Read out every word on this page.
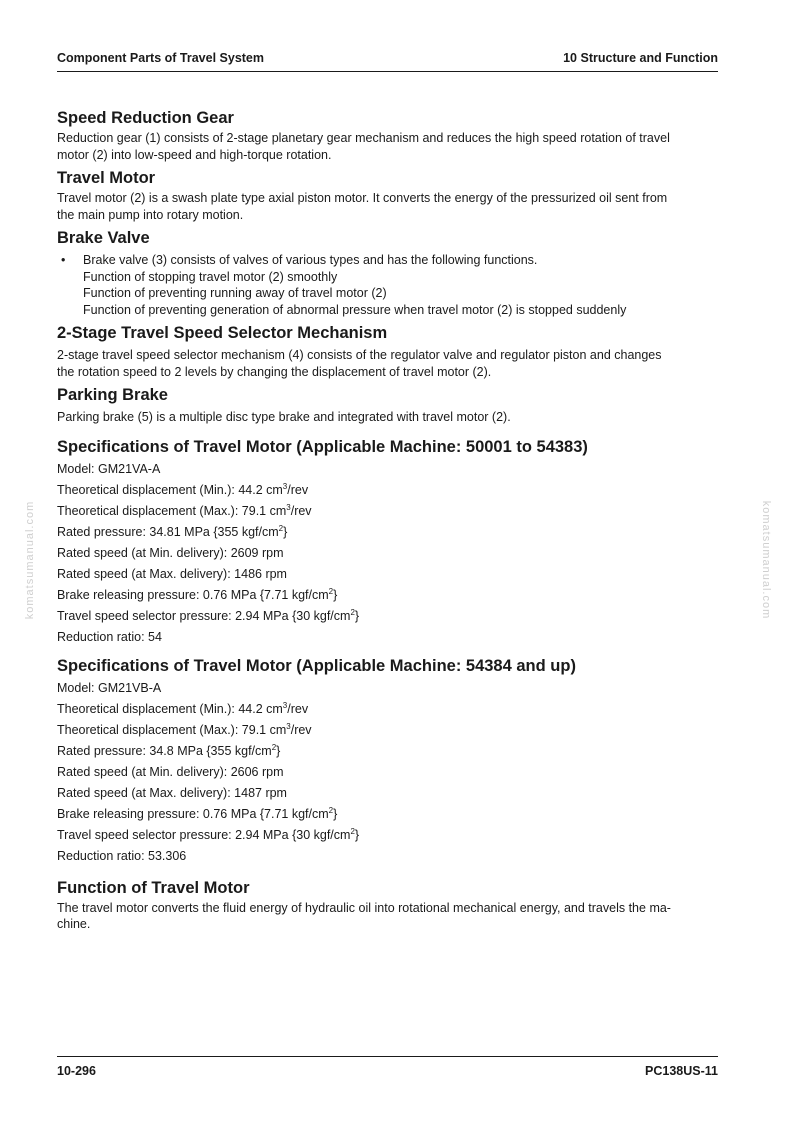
Component Parts of Travel System	10 Structure and Function
komatsumanual.com	komatsumanual.com
Speed Reduction Gear

Reduction gear (1) consists of 2-stage planetary gear mechanism and reduces the high speed rotation of travel

motor (2) into low-speed and high-torque rotation.

Travel Motor

Travel motor (2) is a swash plate type axial piston motor. It converts the energy of the pressurized oil sent from

the main pump into rotary motion.

Brake Valve
•	Brake valve (3) consists of valves of various types and has the following functions.
Function of stopping travel motor (2) smoothly
Function of preventing running away of travel motor (2)
Function of preventing generation of abnormal pressure when travel motor (2) is stopped suddenly
2-Stage Travel Speed Selector Mechanism

2-stage travel speed selector mechanism (4) consists of the regulator valve and regulator piston and changes

the rotation speed to 2 levels by changing the displacement of travel motor (2).

Parking Brake

Parking brake (5) is a multiple disc type brake and integrated with travel motor (2).

Specifications of Travel Motor (Applicable Machine: 50001 to 54383)
Model: GM21VA-A
Theoretical displacement (Min.): 44.2 $cm^3$/rev
Theoretical displacement (Max.): 79.1 $cm^3$/rev
Rated pressure: 34.81 MPa {355 kgf/$cm^2$}
Rated speed (at Min. delivery): 2609 rpm
Rated speed (at Max. delivery): 1486 rpm
Brake releasing pressure: 0.76 MPa {7.71 kgf/$cm^2$}
Travel speed selector pressure: 2.94 MPa {30 kgf/$cm^2$}
Reduction ratio: 54
Specifications of Travel Motor (Applicable Machine: 54384 and up)
Model: GM21VB-A
Theoretical displacement (Min.): 44.2 $cm^3$/rev
Theoretical displacement (Max.): 79.1 $cm^3$/rev
Rated pressure: 34.8 MPa {355 kgf/$cm^2$}
Rated speed (at Min. delivery): 2606 rpm
Rated speed (at Max. delivery): 1487 rpm
Brake releasing pressure: 0.76 MPa {7.71 kgf/$cm^2$}
Travel speed selector pressure: 2.94 MPa {30 kgf/$cm^2$}
Reduction ratio: 53.306
Function of Travel Motor

The travel motor converts the fluid energy of hydraulic oil into rotational mechanical energy, and travels the ma-

chine.

10-296	PC138US-11
